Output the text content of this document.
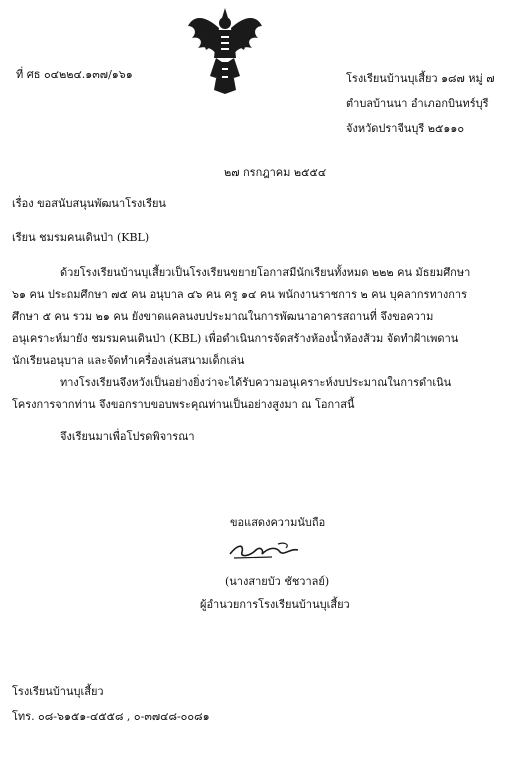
ที่ ศธ ๐๔๒๒๔.๑๓๗/๑๖๑	โรงเรียนบ้านบุเสี้ยว ๑๘๗ หมู่ ๗
ตำบลบ้านนา อำเภอกบินทร์บุรี
จังหวัดปราจีนบุรี ๒๕๑๑๐
๒๗ กรกฎาคม ๒๕๕๔
เรื่อง ขอสนับสนุนพัฒนาโรงเรียน
เรียน ชมรมคนเดินป่า (KBL)
ด้วยโรงเรียนบ้านบุเสี้ยวเป็นโรงเรียนขยายโอกาสมีนักเรียนทั้งหมด ๒๒๒ คน มัธยมศึกษา ๖๑ คน ประถมศึกษา ๗๕ คน อนุบาล ๔๖ คน ครู ๑๔ คน พนักงานราชการ ๒ คน บุคลากรทางการศึกษา ๕ คน รวม ๒๑ คน ยังขาดแคลนงบประมาณในการพัฒนาอาคารสถานที่ จึงขอความอนุเคราะห์มายัง ชมรมคนเดินป่า (KBL) เพื่อดำเนินการจัดสร้างห้องน้ำห้องส้วม จัดทำฝ้าเพดานนักเรียนอนุบาล และจัดทำเครื่องเล่นสนามเด็กเล่น
ทางโรงเรียนจึงหวังเป็นอย่างยิ่งว่าจะได้รับความอนุเคราะห์งบประมาณในการดำเนินโครงการจากท่าน จึงขอกราบขอบพระคุณท่านเป็นอย่างสูงมา ณ โอกาสนี้
จึงเรียนมาเพื่อโปรดพิจารณา
ขอแสดงความนับถือ
(นางสายบัว ชัชวาลย์)
ผู้อำนวยการโรงเรียนบ้านบุเสี้ยว
โรงเรียนบ้านบุเสี้ยว
โทร. ๐๘-๖๑๕๑-๔๕๕๘ , ๐-๓๗๔๘-๐๐๘๑
